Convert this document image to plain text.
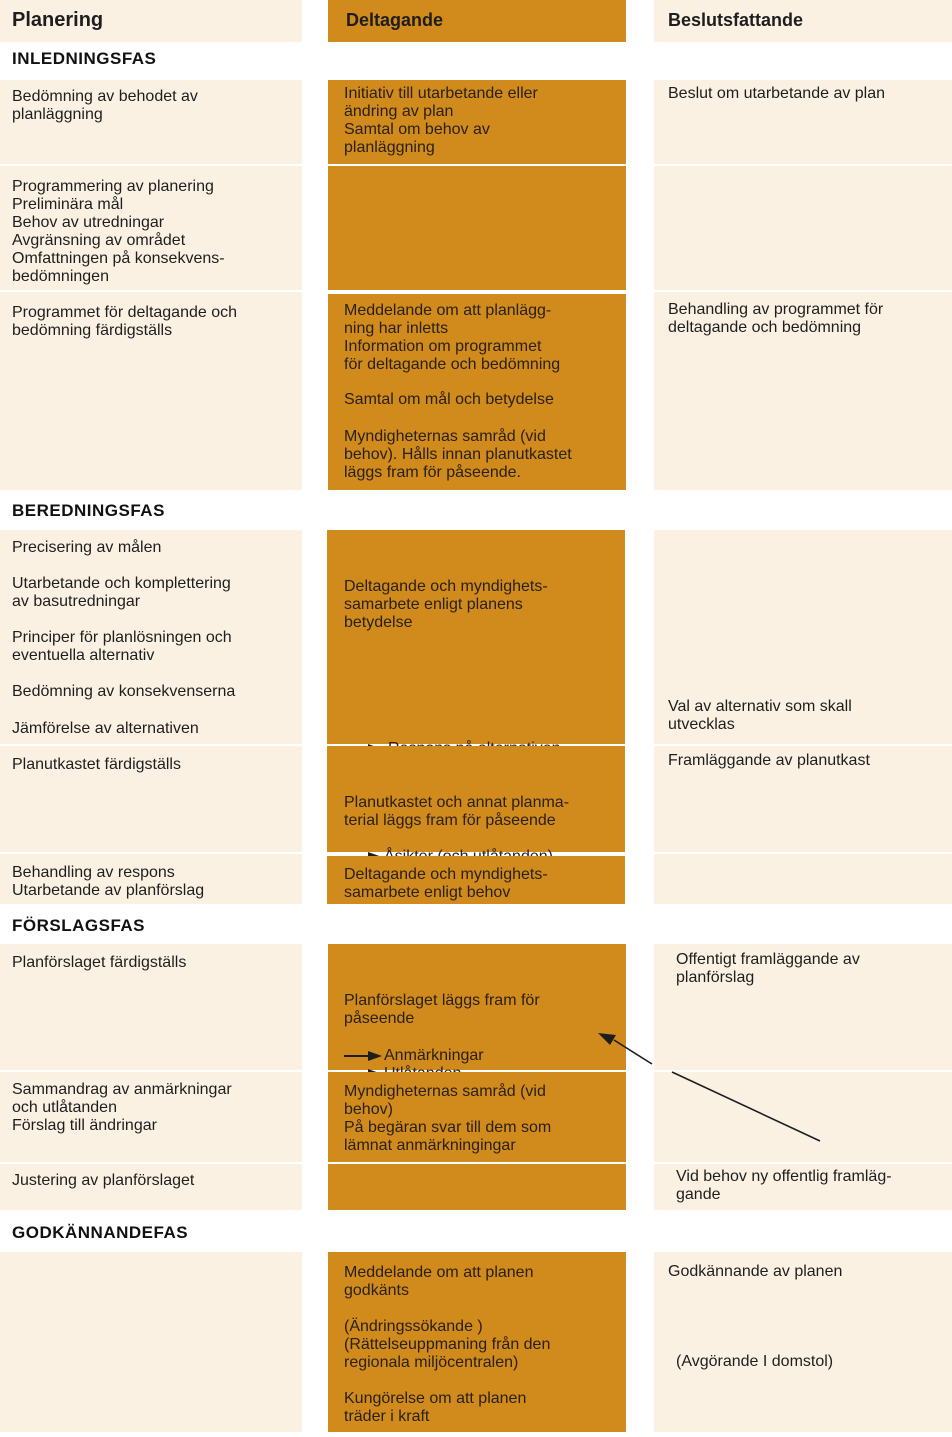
Planering	Deltagande	Beslutsfattande
INLEDNINGSFAS
Bedömning av behodet av
planläggning
Programmering av planering
Preliminära mål
Behov av utredningar
Avgränsning av området
Omfattningen på konsekvens-
bedömningen
Programmet för deltagande och
bedömning färdigställs
Initiativ till utarbetande eller
ändring av plan
Samtal om behov av
planläggning
Meddelande om att planlägg-
ning har inletts
Information om programmet
för deltagande och bedömning
Samtal om mål och betydelse
Myndigheternas samråd (vid
behov). Hålls innan planutkastet
läggs fram för påseende.
Beslut om utarbetande av plan
Behandling av programmet för
deltagande och bedömning
BEREDNINGSFAS
Precisering av målen
Utarbetande och komplettering
av basutredningar
Principer för planlösningen och
eventuella alternativ
Bedömning av konsekvenserna
Jämförelse av alternativen
Planutkastet färdigställs
Behandling av respons
Utarbetande av planförslag
Deltagande och myndighets-
samarbete enligt planens
betydelse

Planutkastet och annat planma-
terial läggs fram för påseende

Deltagande och myndighets-
samarbete enligt behov
Val av alternativ som skall
utvecklas
Framläggande av planutkast
FÖRSLAGSFAS
Planförslaget färdigställs
Sammandrag av anmärkningar
och utlåtanden
Förslag till ändringar
Justering av planförslaget
Planförslaget läggs fram för
påseende

Anmärkningar

Myndigheternas samråd (vid
behov)
På begäran svar till dem som
lämnat anmärkningingar
Offentigt framläggande av
planförslag
Vid behov ny offentlig framläg-
gande
GODKÄNNANDEFAS
Meddelande om att planen
godkänts
(Ändringssökande )
(Rättelseuppmaning från den
regionala miljöcentralen)
Kungörelse om att planen
träder i kraft
Godkännande av planen
(Avgörande I domstol)
